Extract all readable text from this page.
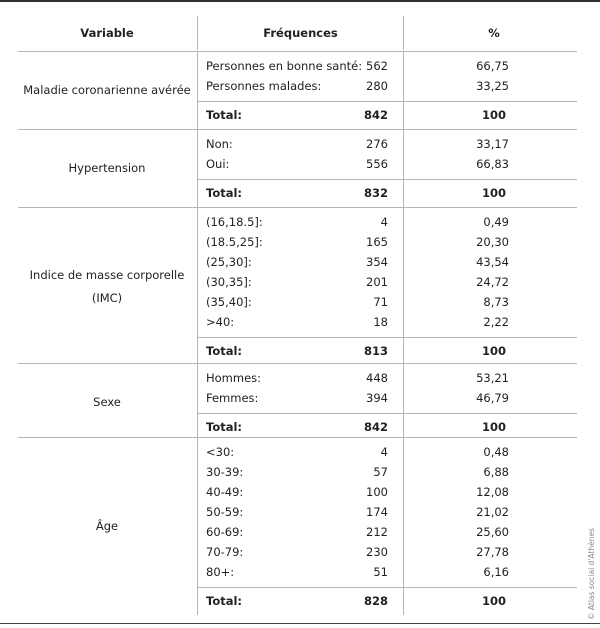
Variable	Fréquences	%
Maladie coronarienne avérée
Personnes en bonne santé: 562	66,75
Personnes malades:	280	33,25
Total:	842	100
Hypertension
Non:	276	33,17
Oui:	556	66,83
Total:	832	100
Indice de masse corporelle (IMC)
(16,18.5]:	4	0,49
(18.5,25]:	165	20,30
(25,30]:	354	43,54
(30,35]:	201	24,72
(35,40]:	71	8,73
>40:	18	2,22
Total:	813	100
Sexe
Hommes:	448	53,21
Femmes:	394	46,79
Total:	842	100
Âge
<30:	4	0,48
30-39:	57	6,88
40-49:	100	12,08
50-59:	174	21,02
60-69:	212	25,60
70-79:	230	27,78
80+:	51	6,16
Total:	828	100	© Atlas social d'Athènes
